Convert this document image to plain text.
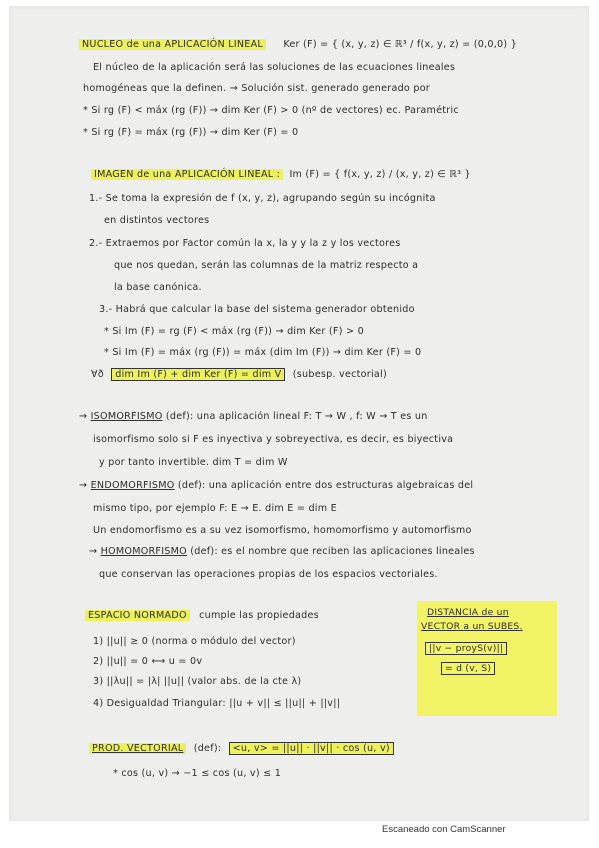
NUCLEO de una APLICACIÓN LINEAL Ker (F) = { (x, y, z) ∈ ℝ³ / f(x, y, z) = (0,0,0) }
El núcleo de la aplicación será las soluciones de las ecuaciones lineales
homogéneas que la definen. → Solución sist. generado generado por
* Si rg (F) < máx (rg (F)) → dim Ker (F) > 0 (nº de vectores) ec. Paramétric
* Si rg (F) = máx (rg (F)) → dim Ker (F) = 0
IMAGEN de una APLICACIÓN LINEAL : Im (F) = { f(x, y, z) / (x, y, z) ∈ ℝ³ }
1.- Se toma la expresión de f (x, y, z), agrupando según su incógnita
en distintos vectores
2.- Extraemos por Factor común la x, la y y la z y los vectores
que nos quedan, serán las columnas de la matriz respecto a
la base canónica.
3.- Habrá que calcular la base del sistema generador obtenido
* Si Im (F) = rg (F) < máx (rg (F)) → dim Ker (F) > 0
* Si Im (F) = máx (rg (F)) = máx (dim Im (F)) → dim Ker (F) = 0
∀ð dim Im (F) + dim Ker (F) = dim V (subesp. vectorial)
→ ISOMORFISMO (def): una aplicación lineal F: T → W , f: W → T es un
isomorfismo solo si F es inyectiva y sobreyectiva, es decir, es biyectiva
y por tanto invertible. dim T = dim W
→ ENDOMORFISMO (def): una aplicación entre dos estructuras algebraicas del
mismo tipo, por ejemplo F: E → E. dim E = dim E
Un endomorfismo es a su vez isomorfismo, homomorfismo y automorfismo
→ HOMOMORFISMO (def): es el nombre que reciben las aplicaciones lineales
que conservan las operaciones propias de los espacios vectoriales.
ESPACIO NORMADO cumple las propiedades
1) ||u|| ≥ 0 (norma o módulo del vector)
2) ||u|| = 0 ⟷ u = 0v
3) ||λu|| = |λ| ||u|| (valor abs. de la cte λ)
4) Desigualdad Triangular: ||u + v|| ≤ ||u|| + ||v||
DISTANCIA de un
VECTOR a un SUBES.
||v − proyS(v)||
= d (v, S)
PROD. VECTORIAL (def): <u, v> = ||u|| · ||v|| · cos (u, v)
* cos (u, v) → −1 ≤ cos (u, v) ≤ 1
Escaneado con CamScanner
